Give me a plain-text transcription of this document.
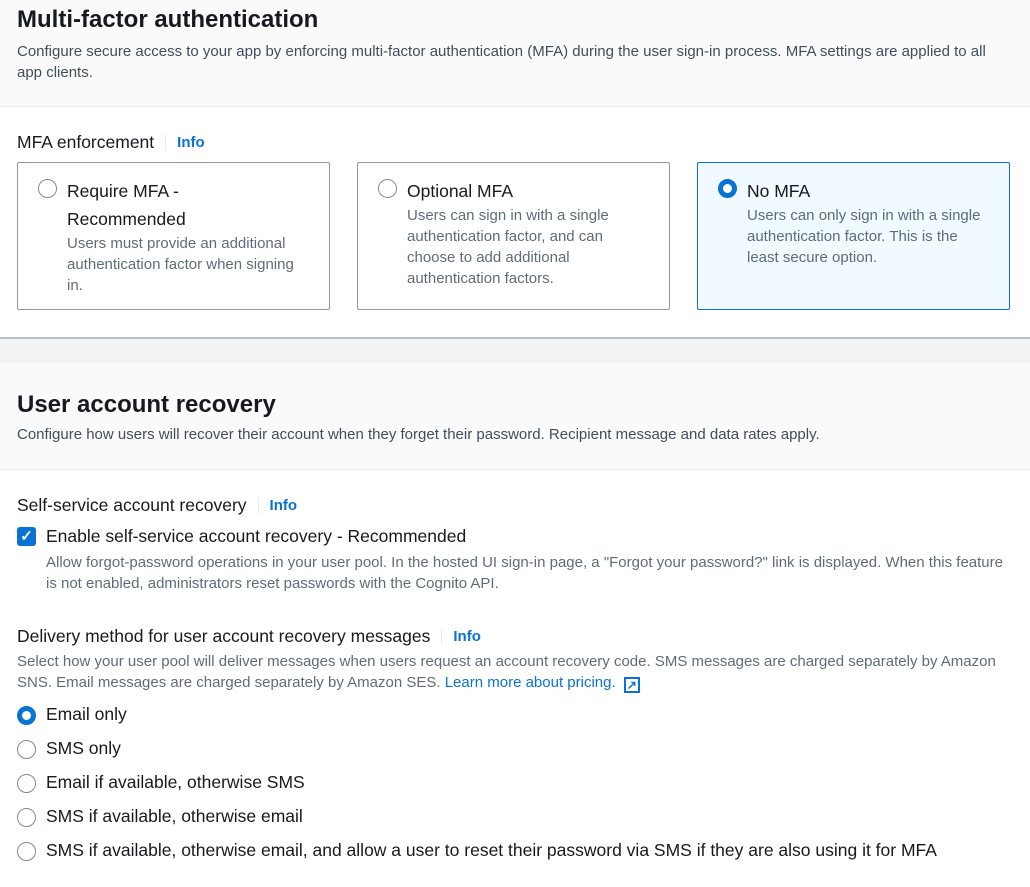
Multi-factor authentication
Configure secure access to your app by enforcing multi-factor authentication (MFA) during the user sign-in process. MFA settings are applied to all app clients.
MFA enforcement	Info
Require MFA - Recommended
Users must provide an additional authentication factor when signing in.
Optional MFA
Users can sign in with a single authentication factor, and can choose to add additional authentication factors.
No MFA
Users can only sign in with a single authentication factor. This is the least secure option.
User account recovery
Configure how users will recover their account when they forget their password. Recipient message and data rates apply.
Self-service account recovery	Info
✓ Enable self-service account recovery - Recommended
Allow forgot-password operations in your user pool. In the hosted UI sign-in page, a "Forgot your password?" link is displayed. When this feature is not enabled, administrators reset passwords with the Cognito API.
Delivery method for user account recovery messages	Info
Select how your user pool will deliver messages when users request an account recovery code. SMS messages are charged separately by Amazon SNS. Email messages are charged separately by Amazon SES. Learn more about pricing. ↗
Email only
SMS only
Email if available, otherwise SMS
SMS if available, otherwise email
SMS if available, otherwise email, and allow a user to reset their password via SMS if they are also using it for MFA
